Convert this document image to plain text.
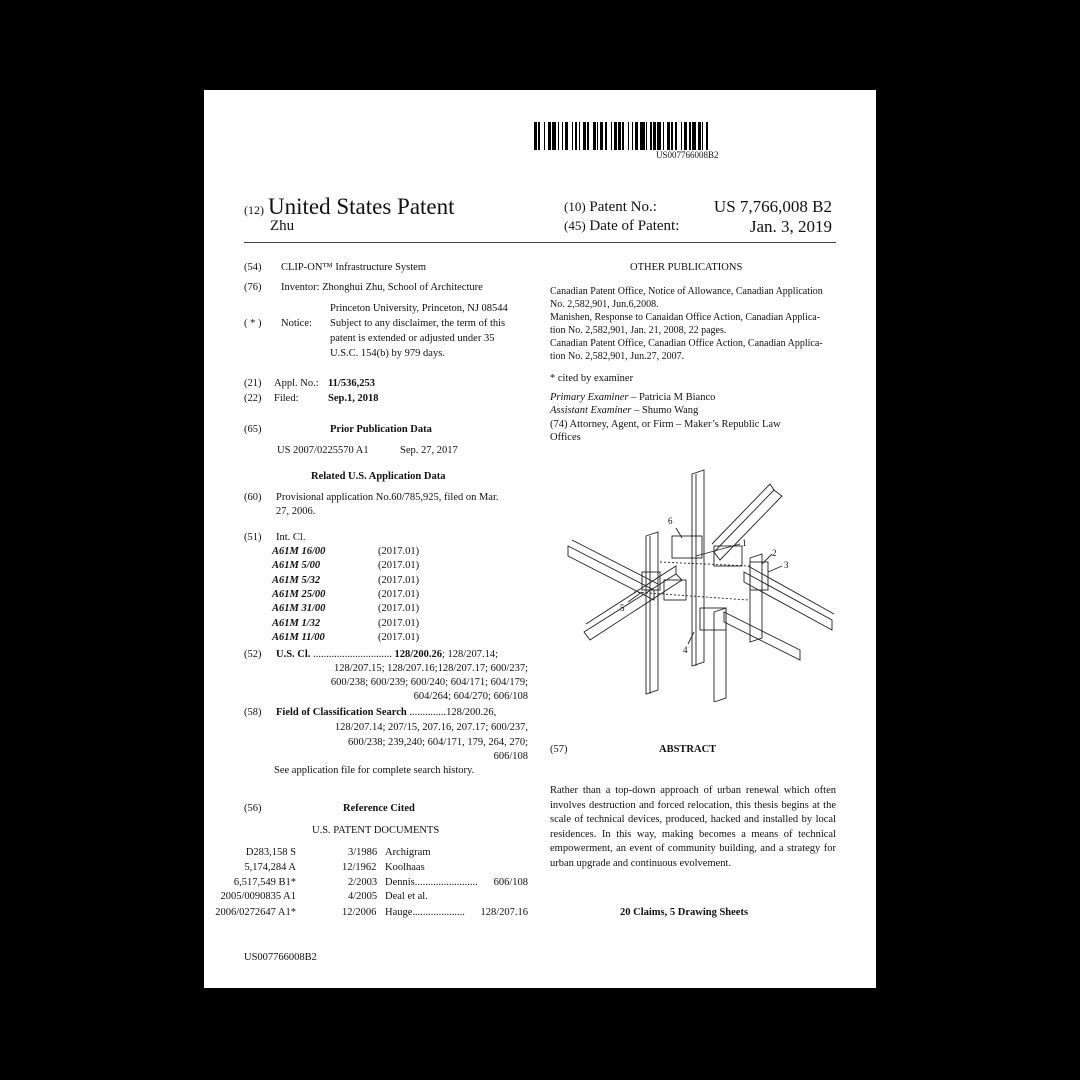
US007766008B2
(12) United States Patent
Zhu
(10) Patent No.:	US 7,766,008 B2
(45) Date of Patent:	Jan. 3, 2019
(54) CLIP-ON™ Infrastructure System
(76) Inventor: Zhonghui Zhu, School of Architecture
Princeton University, Princeton, NJ 08544
( * ) Notice: Subject to any disclaimer, the term of this
patent is extended or adjusted under 35
U.S.C. 154(b) by 979 days.
(21) Appl. No.: 11/536,253
(22) Filed:	Sep.1, 2018
(65)	Prior Publication Data
US 2007/0225570 A1	Sep. 27, 2017
Related U.S. Application Data
(60) Provisional application No.60/785,925, filed on Mar.
27, 2006.
(51) Int. Cl.
A61M 16/00	(2017.01)
A61M 5/00	(2017.01)
A61M 5/32	(2017.01)
A61M 25/00	(2017.01)
A61M 31/00	(2017.01)
A61M 1/32	(2017.01)
A61M 11/00	(2017.01)
(52) U.S. Cl. .............................. 128/200.26; 128/207.14;
128/207.15; 128/207.16;128/207.17; 600/237;
600/238; 600/239; 600/240; 604/171; 604/179;
604/264; 604/270; 606/108
(58) Field of Classification Search ..............128/200.26,
128/207.14; 207/15, 207.16, 207.17; 600/237,
600/238; 239,240; 604/171, 179, 264, 270;
606/108
See application file for complete search history.
(56)	Reference Cited
U.S. PATENT DOCUMENTS
D283,158 S	3/1986 Archigram
5,174,284 A	12/1962 Koolhaas
6,517,549 B1*	2/2003 Dennis........................ 606/108
2005/0090835 A1	4/2005 Deal et al.
2006/0272647 A1*	12/2006 Hauge.................... 128/207.16
US007766008B2
OTHER PUBLICATIONS
Canadian Patent Office, Notice of Allowance, Canadian Application
No. 2,582,901, Jun.6,2008.
Manishen, Response to Canaidan Office Action, Canadian Applica-
tion No. 2,582,901, Jan. 21, 2008, 22 pages.
Canadian Patent Office, Canadian Office Action, Canadian Applica-
tion No. 2,582,901, Jun.27, 2007.
* cited by examiner
Primary Examiner – Patricia M Bianco
Assistant Examiner – Shumo Wang
(74) Attorney, Agent, or Firm – Maker’s Republic Law
Offices
1
2
3
4
5
6
(57)	ABSTRACT
Rather than a top-down approach of urban renewal which often involves destruction and forced relocation, this thesis begins at the scale of technical devices, produced, hacked and installed by local residences. In this way, making becomes a means of technical empowerment, an event of community building, and a strategy for urban upgrade and continuous evolvement.
20 Claims, 5 Drawing Sheets
